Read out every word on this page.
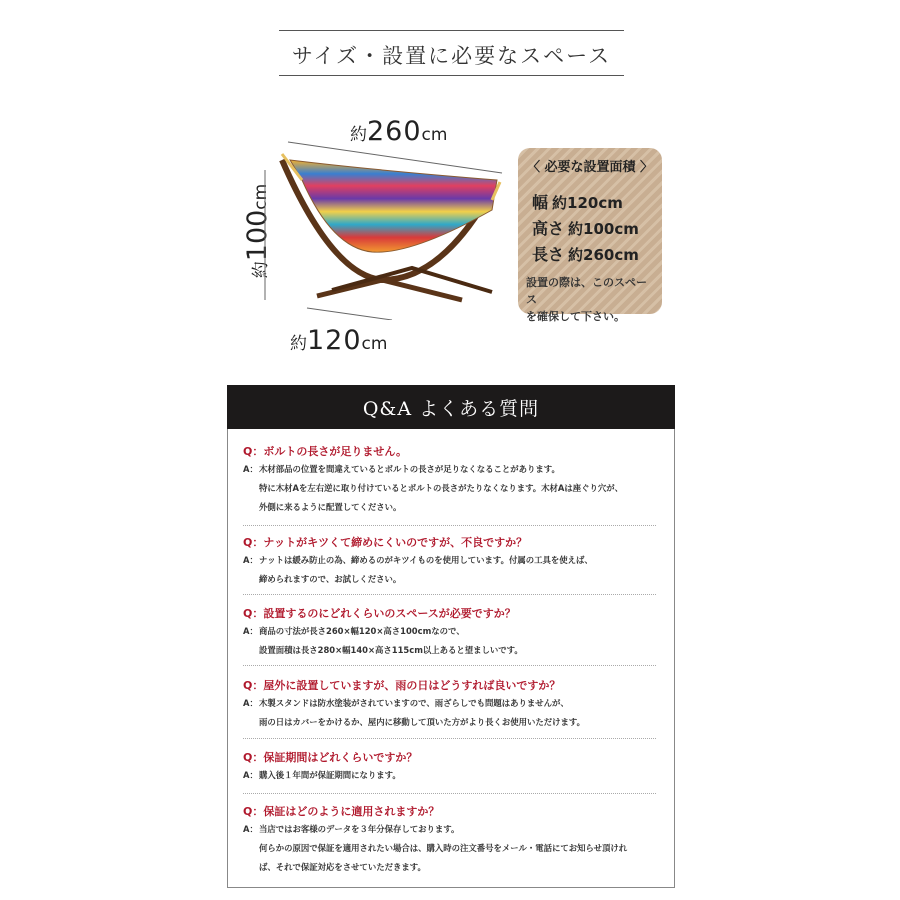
サイズ・設置に必要なスペース
約260cm
約100cm
約120cm
〈 必要な設置面積 〉
幅 約120cm
高さ 約100cm
長さ 約260cm
設置の際は、このスペース
を確保して下さい。
Q&A よくある質問
Q：ボルトの長さが足りません。
A：木材部品の位置を間違えているとボルトの長さが足りなくなることがあります。
特に木材Aを左右逆に取り付けているとボルトの長さがたりなくなります。木材Aは座ぐり穴が、
外側に来るように配置してください。
Q：ナットがキツくて締めにくいのですが、不良ですか？
A：ナットは緩み防止の為、締めるのがキツイものを使用しています。付属の工具を使えば、
締められますので、お試しください。
Q：設置するのにどれくらいのスペースが必要ですか？
A：商品の寸法が長さ260×幅120×高さ100cmなので、
設置面積は長さ280×幅140×高さ115cm以上あると望ましいです。
Q：屋外に設置していますが、雨の日はどうすれば良いですか？
A：木製スタンドは防水塗装がされていますので、雨ざらしでも問題はありませんが、
雨の日はカバーをかけるか、屋内に移動して頂いた方がより長くお使用いただけます。
Q：保証期間はどれくらいですか？
A：購入後１年間が保証期間になります。
Q：保証はどのように適用されますか？
A：当店ではお客様のデータを３年分保存しております。
何らかの原因で保証を適用されたい場合は、購入時の注文番号をメール・電話にてお知らせ頂けれ
ば、それで保証対応をさせていただきます。
